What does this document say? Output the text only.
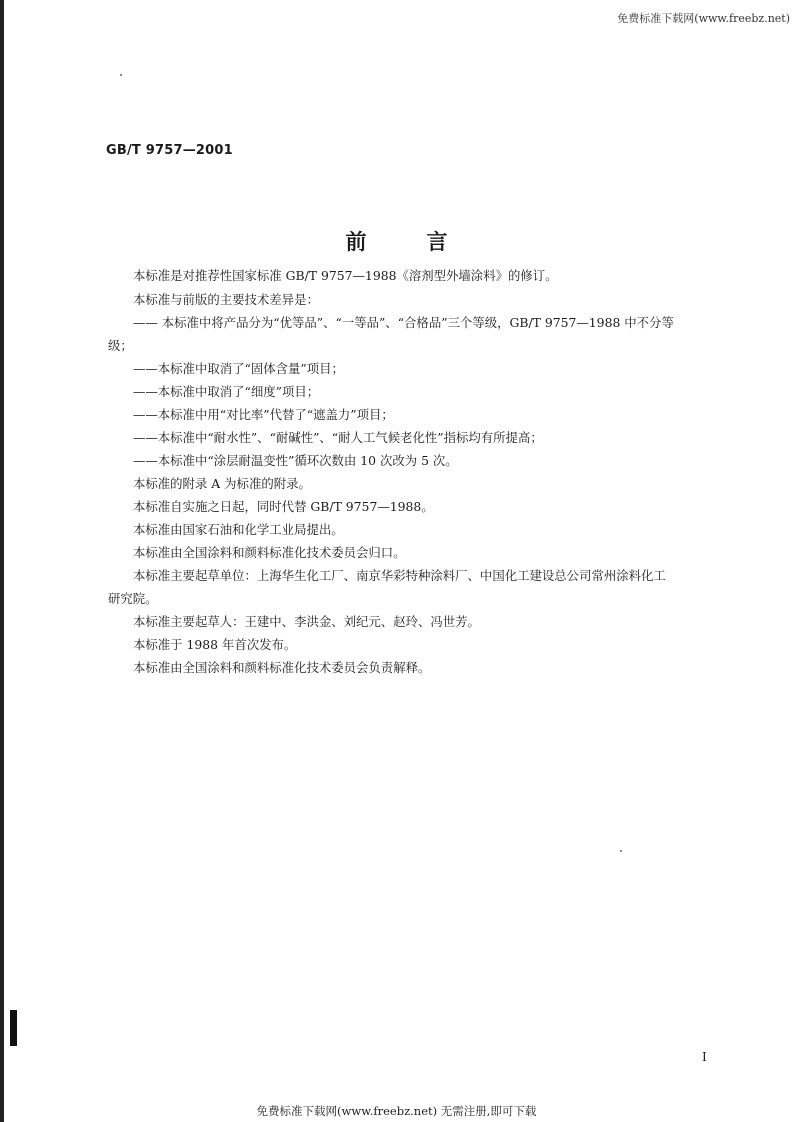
免费标准下载网(www.freebz.net)
GB/T 9757—2001
前言
本标准是对推荐性国家标准 GB/T 9757—1988《溶剂型外墙涂料》的修订。
本标准与前版的主要技术差异是：
—— 本标准中将产品分为“优等品”、“一等品”、“合格品”三个等级，GB/T 9757—1988 中不分等
级；
——本标准中取消了“固体含量”项目；
——本标准中取消了“细度”项目；
——本标准中用“对比率”代替了“遮盖力”项目；
——本标准中“耐水性”、“耐碱性”、“耐人工气候老化性”指标均有所提高；
——本标准中“涂层耐温变性”循环次数由 10 次改为 5 次。
本标准的附录 A 为标准的附录。
本标准自实施之日起，同时代替 GB/T 9757—1988。
本标准由国家石油和化学工业局提出。
本标准由全国涂料和颜料标准化技术委员会归口。
本标准主要起草单位：上海华生化工厂、南京华彩特种涂料厂、中国化工建设总公司常州涂料化工
研究院。
本标准主要起草人：王建中、李洪金、刘纪元、赵玲、冯世芳。
本标准于 1988 年首次发布。
本标准由全国涂料和颜料标准化技术委员会负责解释。
I
免费标准下载网(www.freebz.net) 无需注册,即可下载
